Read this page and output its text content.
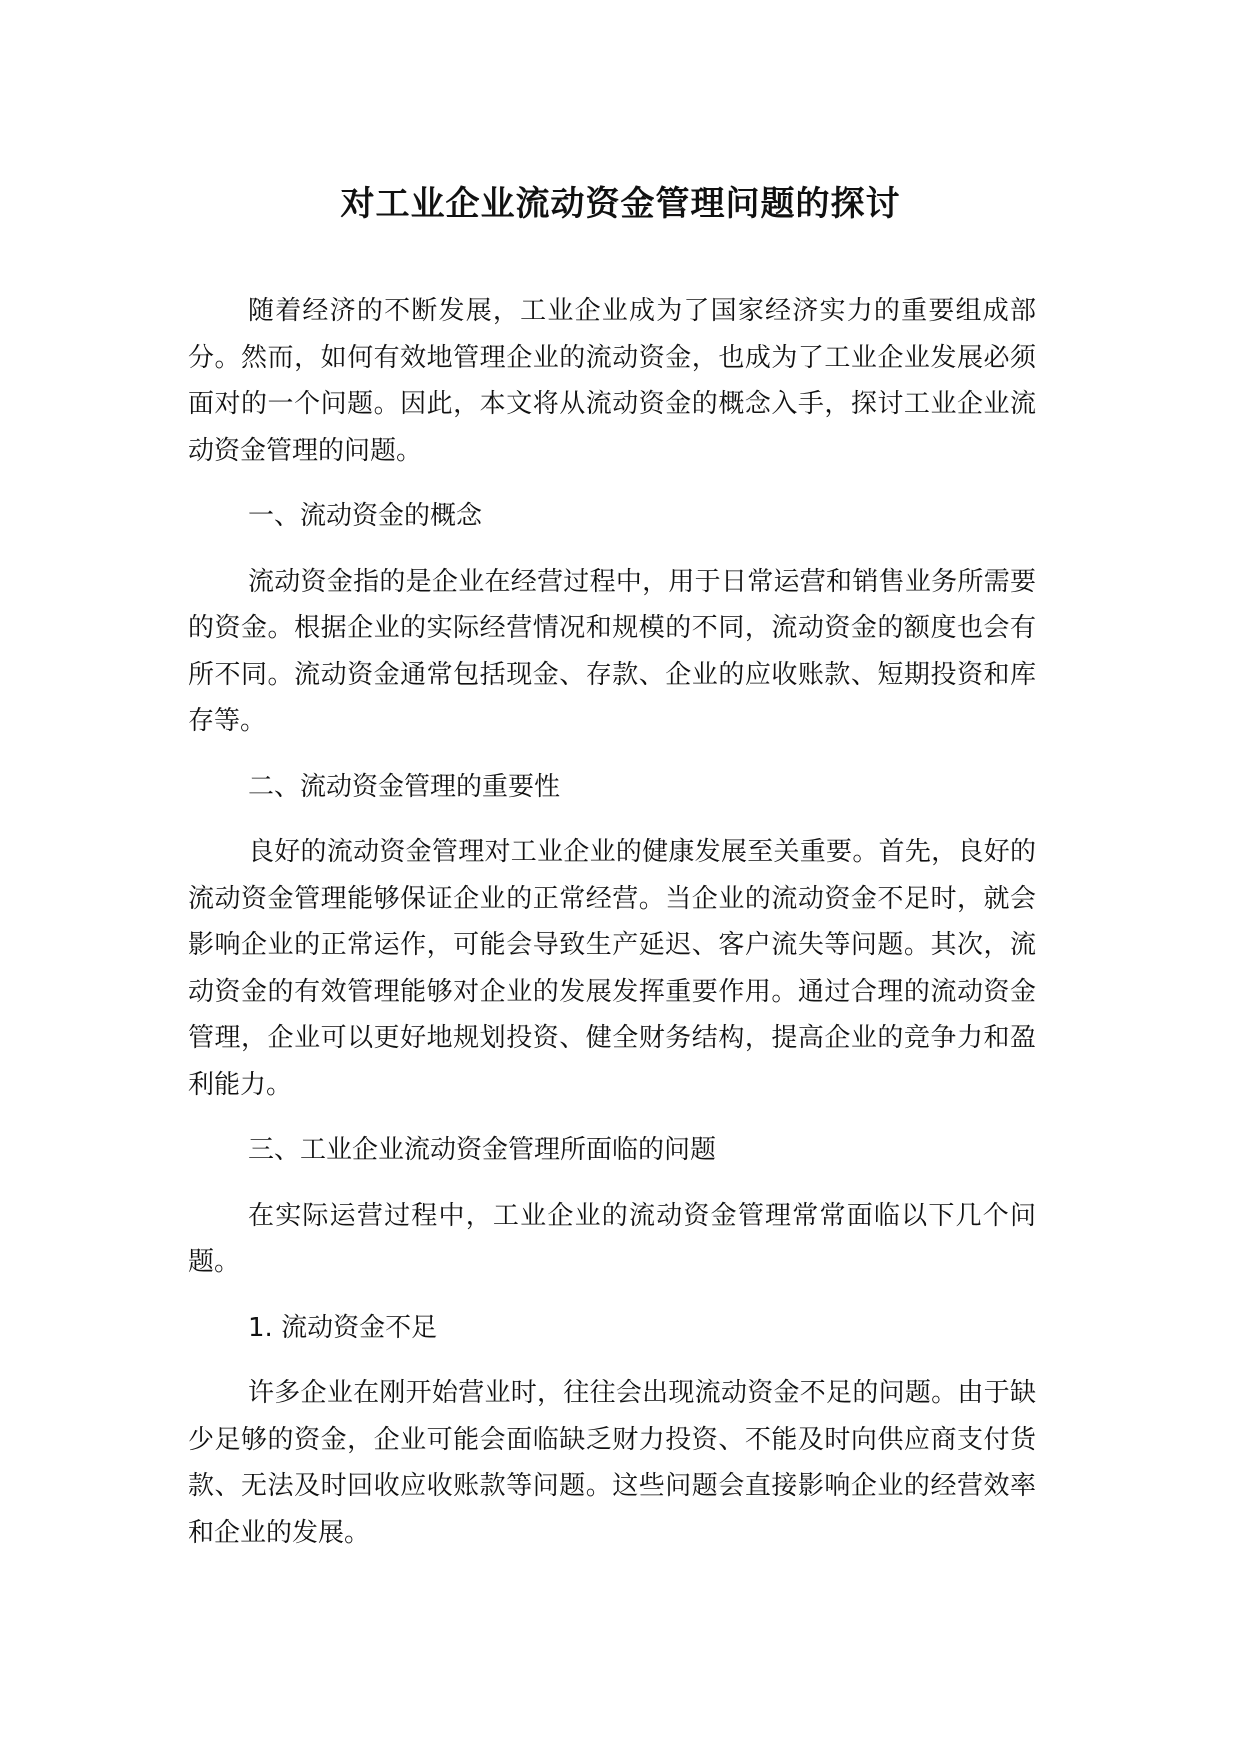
对工业企业流动资金管理问题的探讨

随着经济的不断发展，工业企业成为了国家经济实力的重要组成部分。然而，如何有效地管理企业的流动资金，也成为了工业企业发展必须面对的一个问题。因此，本文将从流动资金的概念入手，探讨工业企业流动资金管理的问题。

一、流动资金的概念

流动资金指的是企业在经营过程中，用于日常运营和销售业务所需要的资金。根据企业的实际经营情况和规模的不同，流动资金的额度也会有所不同。流动资金通常包括现金、存款、企业的应收账款、短期投资和库存等。

二、流动资金管理的重要性

良好的流动资金管理对工业企业的健康发展至关重要。首先，良好的流动资金管理能够保证企业的正常经营。当企业的流动资金不足时，就会影响企业的正常运作，可能会导致生产延迟、客户流失等问题。其次，流动资金的有效管理能够对企业的发展发挥重要作用。通过合理的流动资金管理，企业可以更好地规划投资、健全财务结构，提高企业的竞争力和盈利能力。

三、工业企业流动资金管理所面临的问题

在实际运营过程中，工业企业的流动资金管理常常面临以下几个问题。

1. 流动资金不足

许多企业在刚开始营业时，往往会出现流动资金不足的问题。由于缺少足够的资金，企业可能会面临缺乏财力投资、不能及时向供应商支付货款、无法及时回收应收账款等问题。这些问题会直接影响企业的经营效率和企业的发展。
